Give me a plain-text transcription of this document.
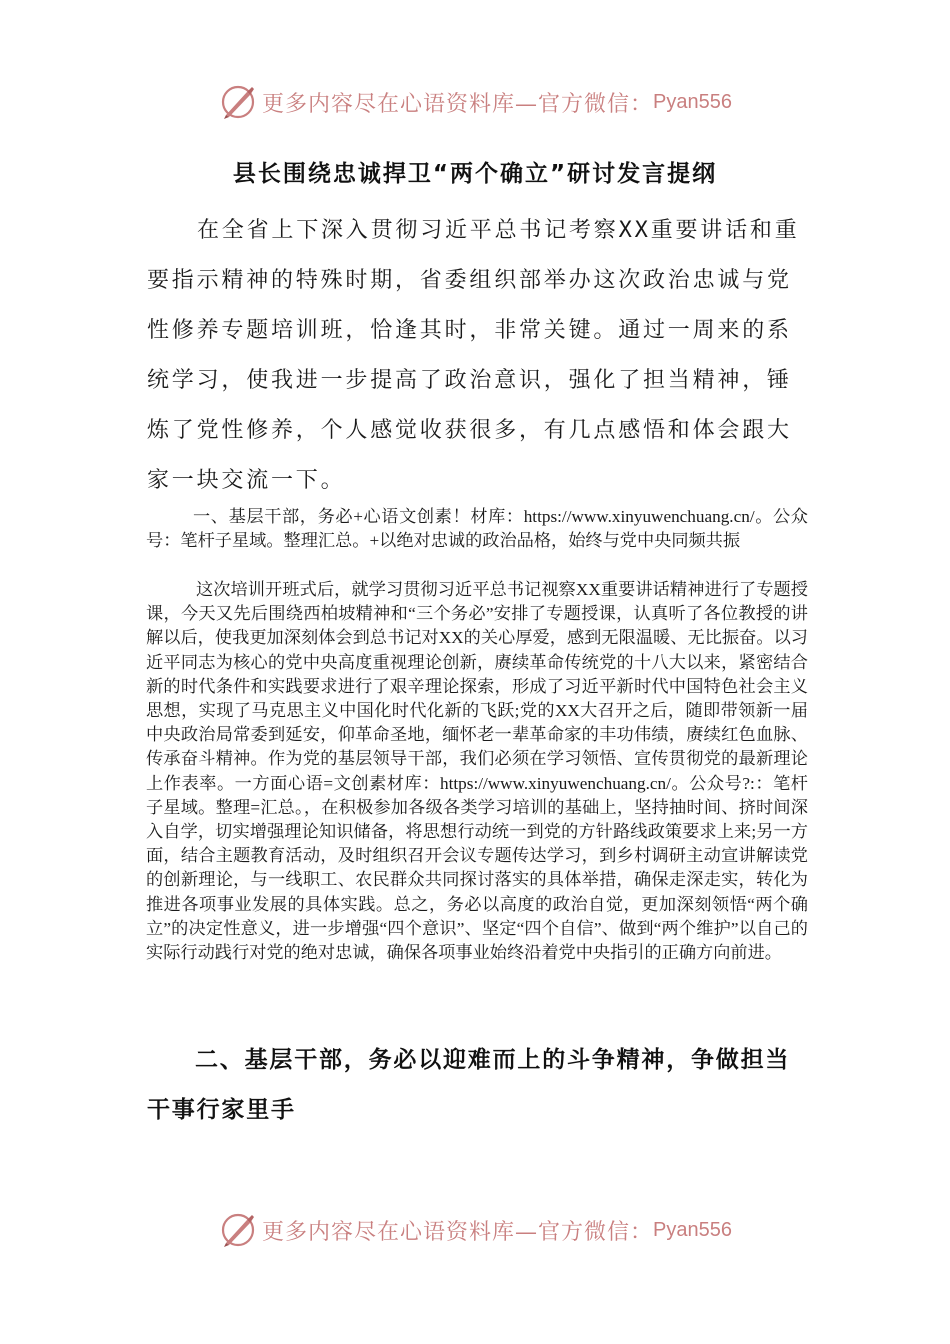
更多内容尽在心语资料库—官方微信： Pyan556
县长围绕忠诚捍卫“两个确立”研讨发言提纲

在全省上下深入贯彻习近平总书记考察XX重要讲话和重要指示精神的特殊时期，省委组织部举办这次政治忠诚与党性修养专题培训班，恰逢其时，非常关键。通过一周来的系统学习，使我进一步提高了政治意识，强化了担当精神，锤炼了党性修养，个人感觉收获很多，有几点感悟和体会跟大家一块交流一下。

一、基层干部，务必+心语文创素！材库：https://www.xinyuwenchuang.cn/。公众号：笔杆子星域。整理汇总。+以绝对忠诚的政治品格，始终与党中央同频共振

这次培训开班式后，就学习贯彻习近平总书记视察XX重要讲话精神进行了专题授课，今天又先后围绕西柏坡精神和“三个务必”安排了专题授课，认真听了各位教授的讲解以后，使我更加深刻体会到总书记对XX的关心厚爱，感到无限温暖、无比振奋。以习近平同志为核心的党中央高度重视理论创新，赓续革命传统党的十八大以来，紧密结合新的时代条件和实践要求进行了艰辛理论探索，形成了习近平新时代中国特色社会主义思想，实现了马克思主义中国化时代化新的飞跃;党的XX大召开之后，随即带领新一届中央政治局常委到延安，仰革命圣地，缅怀老一辈革命家的丰功伟绩，赓续红色血脉、传承奋斗精神。作为党的基层领导干部，我们必须在学习领悟、宣传贯彻党的最新理论上作表率。一方面心语=文创素材库：https://www.xinyuwenchuang.cn/。公众号?:：笔杆子星域。整理=汇总。，在积极参加各级各类学习培训的基础上，坚持抽时间、挤时间深入自学，切实增强理论知识储备，将思想行动统一到党的方针路线政策要求上来;另一方面，结合主题教育活动，及时组织召开会议专题传达学习，到乡村调研主动宣讲解读党的创新理论，与一线职工、农民群众共同探讨落实的具体举措，确保走深走实，转化为推进各项事业发展的具体实践。总之，务必以高度的政治自觉，更加深刻领悟“两个确立”的决定性意义，进一步增强“四个意识”、坚定“四个自信”、做到“两个维护”以自己的实际行动践行对党的绝对忠诚，确保各项事业始终沿着党中央指引的正确方向前进。

二、基层干部，务必以迎难而上的斗争精神，争做担当干事行家里手

更多内容尽在心语资料库—官方微信： Pyan556
